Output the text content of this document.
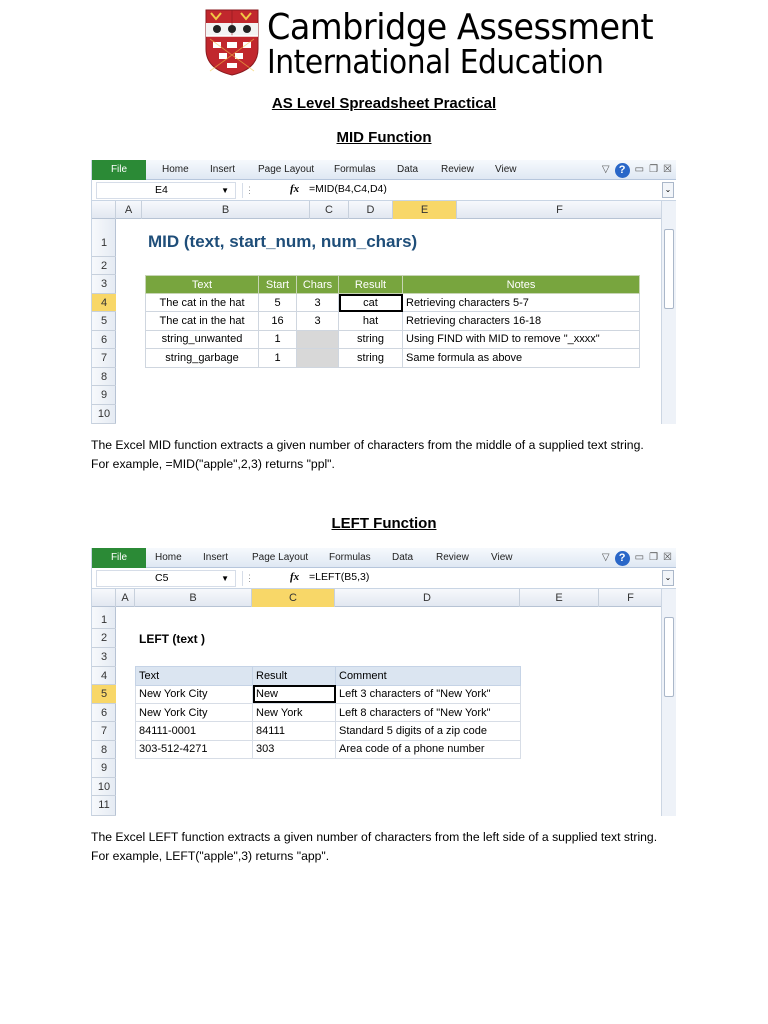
Cambridge Assessment
International Education
AS Level Spreadsheet Practical
MID Function
File	Home Insert Page Layout Formulas Data Review View	▽ ? ▭ ❐ ☒
E4	▼	⋮	fx =MID(B4,C4,D4)	⌄
A	B	C	D	E	F
1
2
3
4
5
6
7
8
9
10
MID (text, start_num, num_chars)
Text	Start	Chars	Result	Notes
The cat in the hat	5	3	cat	Retrieving characters 5-7
The cat in the hat	16	3	hat	Retrieving characters 16-18
string_unwanted	1		string	Using FIND with MID to remove "_xxxx"
string_garbage	1		string	Same formula as above
The Excel MID function extracts a given number of characters from the middle of a supplied text string.
For example, =MID("apple",2,3) returns "ppl".
LEFT Function
File	Home Insert Page Layout Formulas Data Review View	▽ ? ▭ ❐ ☒
C5	▼	⋮	fx =LEFT(B5,3)	⌄
A	B	C	D	E	F
1
2
3
4
5
6
7
8
9
10
11
LEFT (text )
Text	Result	Comment
New York City	New	Left 3 characters of "New York"
New York City	New York	Left 8 characters of "New York"
84111-0001	84111	Standard 5 digits of a zip code
303-512-4271	303	Area code of a phone number
The Excel LEFT function extracts a given number of characters from the left side of a supplied text string.
For example, LEFT("apple",3) returns "app".
